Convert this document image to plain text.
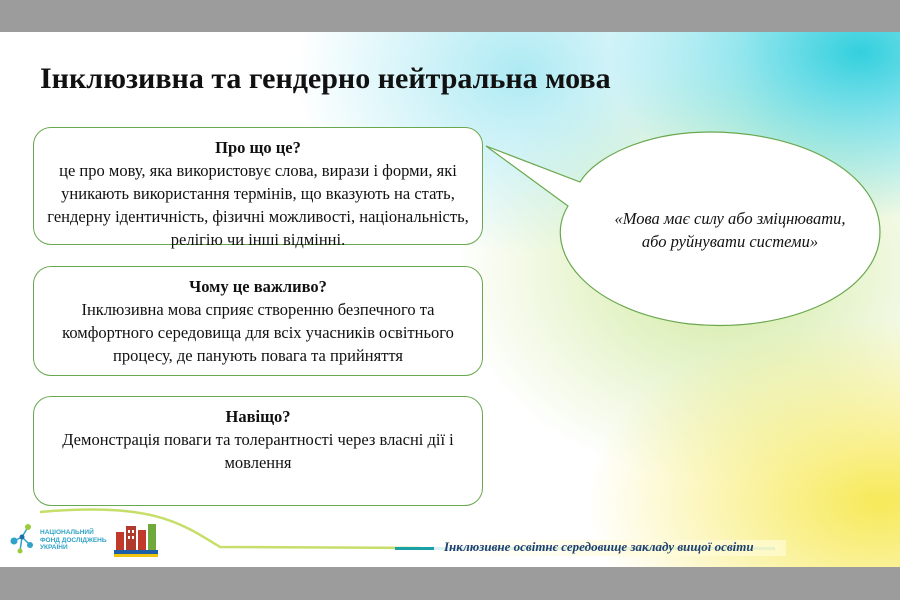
Інклюзивна та гендерно нейтральна мова
Про що це?

це про мову, яка використовує слова, вирази і форми, які уникають використання термінів, що вказують на стать, гендерну ідентичність, фізичні можливості, національність, релігію чи інші відмінні.

Чому це важливо?

Інклюзивна мова сприяє створенню безпечного та комфортного середовища для всіх учасників освітнього процесу, де панують повага та прийняття

Навіщо?

Демонстрація поваги та толерантності через власні дії і мовлення

«Мова має силу або зміцнювати, або руйнувати системи»
НАЦІОНАЛЬНИЙ ФОНД ДОСЛІДЖЕНЬ УКРАЇНИ	Інклюзивне освітнє середовище закладу вищої освіти
